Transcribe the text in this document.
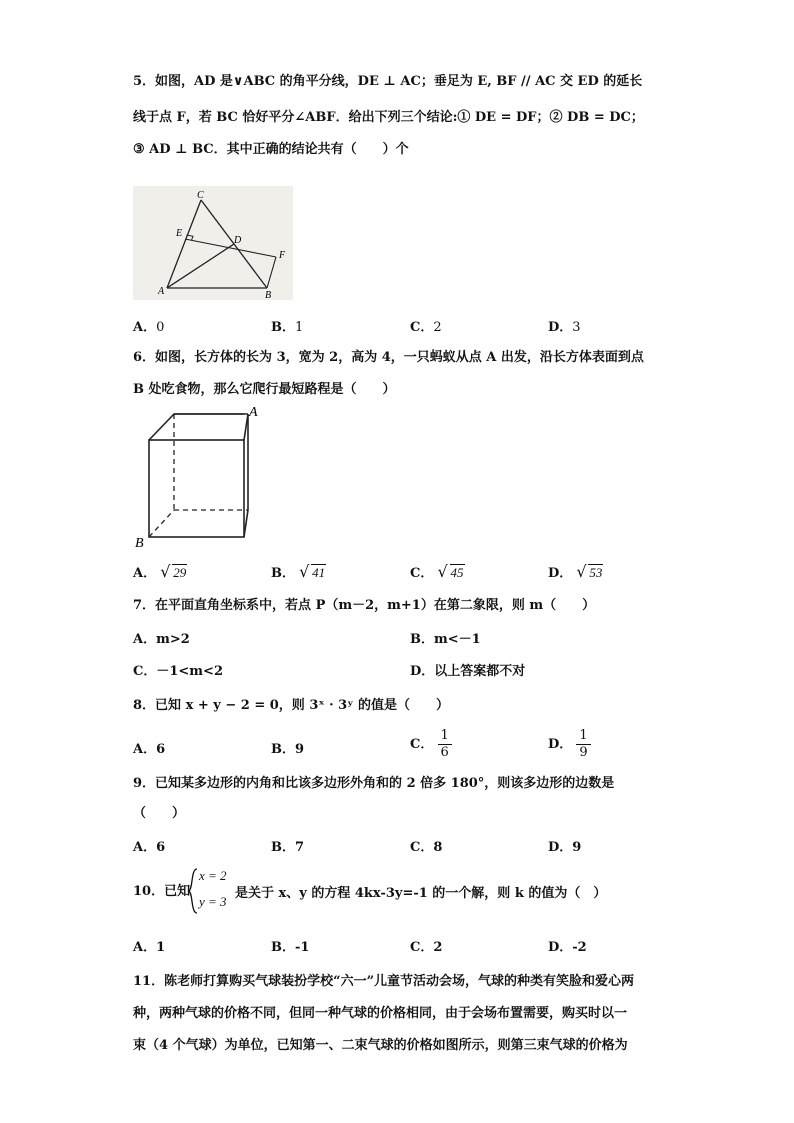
5．如图，AD 是∨ABC 的角平分线，DE ⊥ AC；垂足为 E, BF // AC 交 ED 的延长
线于点 F，若 BC 恰好平分∠ABF．给出下列三个结论:① DE = DF；② DB = DC；
③ AD ⊥ BC．其中正确的结论共有（　　）个
C
E
D
F
A	B
A．0	B．1	C．2	D．3
6．如图，长方体的长为 3，宽为 2，高为 4，一只蚂蚁从点 A 出发，沿长方体表面到点
B 处吃食物，那么它爬行最短路程是（　　）
A
B
A． √ 29	B． √ 41	C． √ 45	D． √ 53
7．在平面直角坐标系中，若点 P（m－2，m+1）在第二象限，则 m（　　）
A．m>2	B．m<－1
C．－1<m<2	D．以上答案都不对
8．已知 x + y − 2 = 0，则 3ˣ · 3ʸ 的值是（　　）
A．6	B．9	C． $\frac{1}{6}$	D． $\frac{1}{9}$
9．已知某多边形的内角和比该多边形外角和的 2 倍多 180°，则该多边形的边数是
（　　）
A．6	B．7	C．8	D．9
10．已知
x = 2
y = 3
是关于 x、y 的方程 4kx-3y=-1 的一个解，则 k 的值为（　）
A．1	B．-1	C．2	D．-2
11．陈老师打算购买气球装扮学校“六一”儿童节活动会场，气球的种类有笑脸和爱心两
种，两种气球的价格不同，但同一种气球的价格相同，由于会场布置需要，购买时以一
束（4 个气球）为单位，已知第一、二束气球的价格如图所示，则第三束气球的价格为
